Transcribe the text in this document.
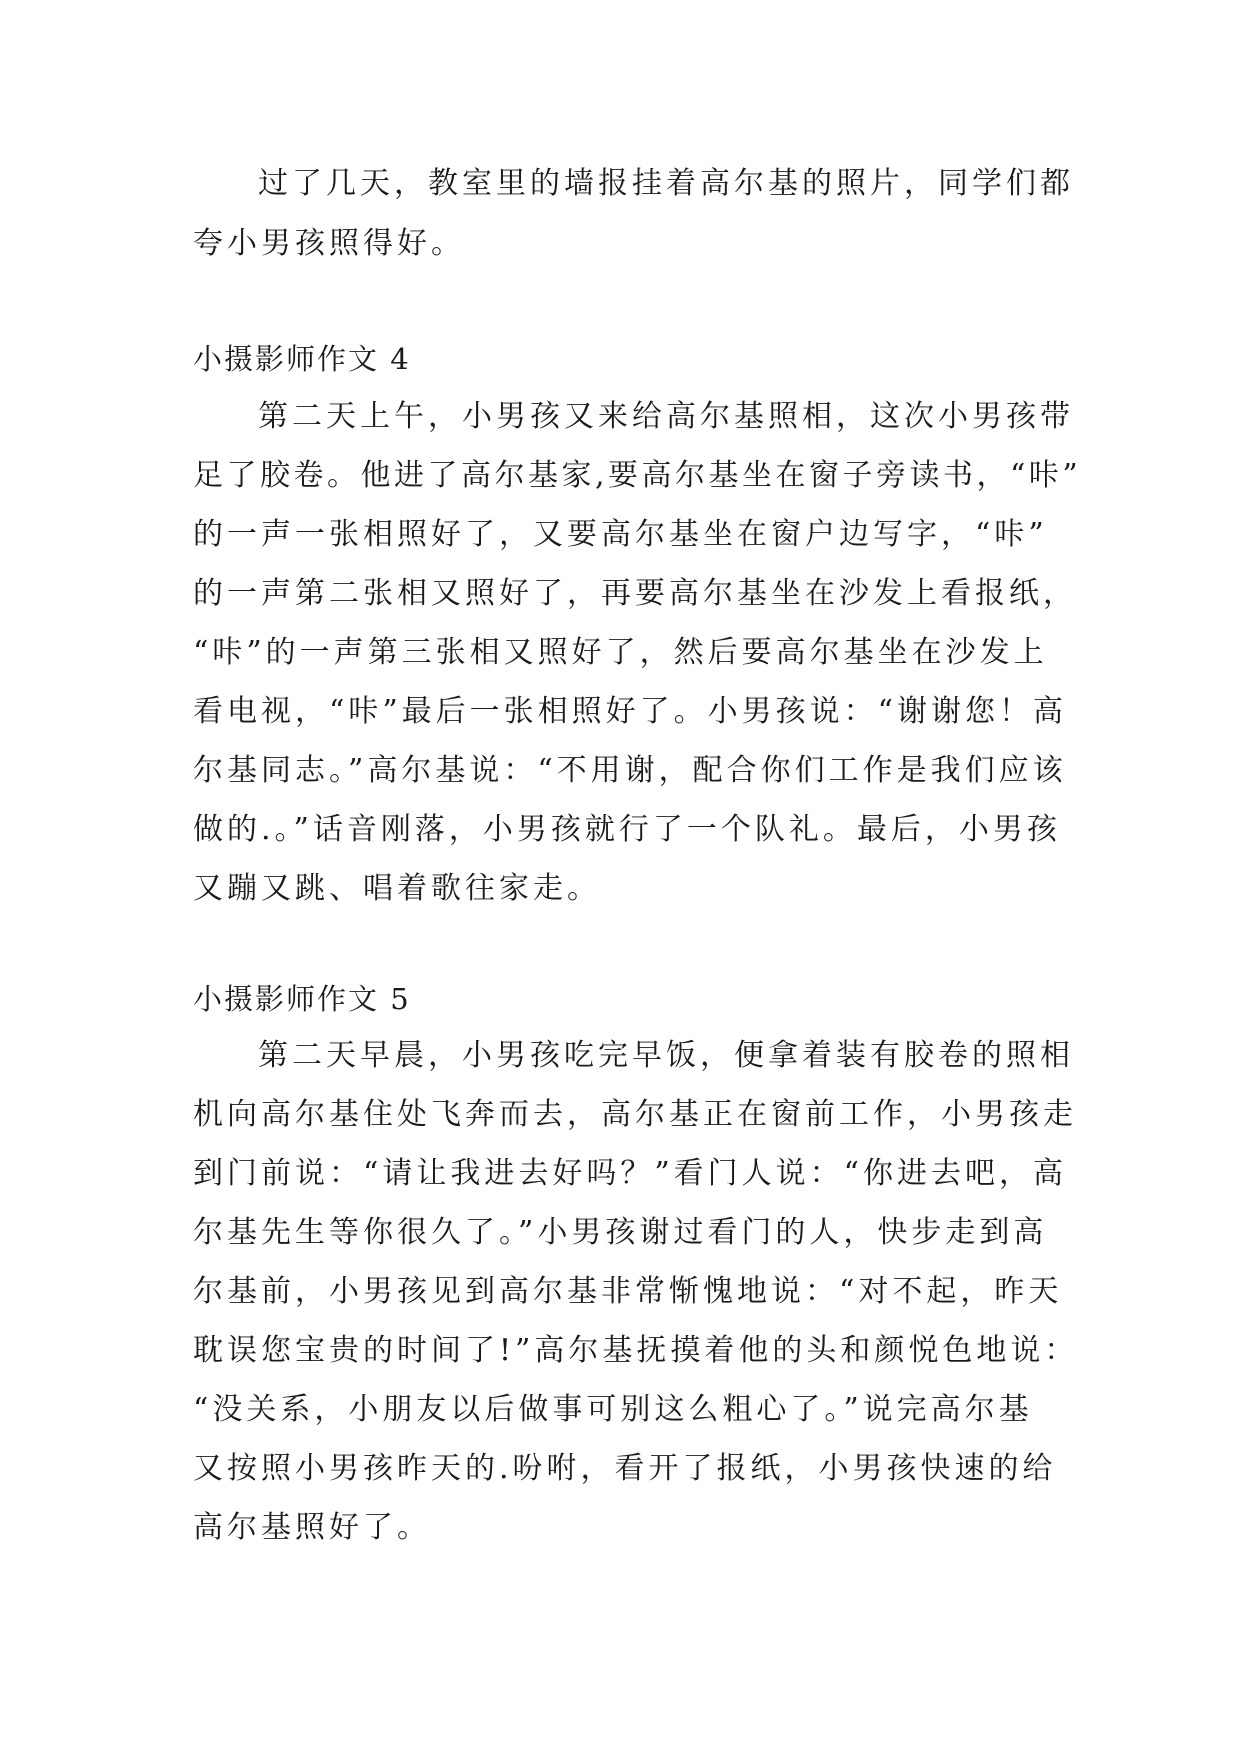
过了几天，教室里的墙报挂着高尔基的照片，同学们都
夸小男孩照得好。
小摄影师作文 4
第二天上午，小男孩又来给高尔基照相，这次小男孩带
足了胶卷。他进了高尔基家,要高尔基坐在窗子旁读书，“咔”
的一声一张相照好了，又要高尔基坐在窗户边写字，“咔”
的一声第二张相又照好了，再要高尔基坐在沙发上看报纸，
“咔”的一声第三张相又照好了，然后要高尔基坐在沙发上
看电视，“咔”最后一张相照好了。小男孩说：“谢谢您！高
尔基同志。”高尔基说：“不用谢，配合你们工作是我们应该
做的.。”话音刚落，小男孩就行了一个队礼。最后，小男孩
又蹦又跳、唱着歌往家走。
小摄影师作文 5
第二天早晨，小男孩吃完早饭，便拿着装有胶卷的照相
机向高尔基住处飞奔而去，高尔基正在窗前工作，小男孩走
到门前说：“请让我进去好吗？”看门人说：“你进去吧，高
尔基先生等你很久了。”小男孩谢过看门的人，快步走到高
尔基前，小男孩见到高尔基非常惭愧地说：“对不起，昨天
耽误您宝贵的时间了!”高尔基抚摸着他的头和颜悦色地说：
“没关系，小朋友以后做事可别这么粗心了。”说完高尔基
又按照小男孩昨天的.吩咐，看开了报纸，小男孩快速的给
高尔基照好了。
